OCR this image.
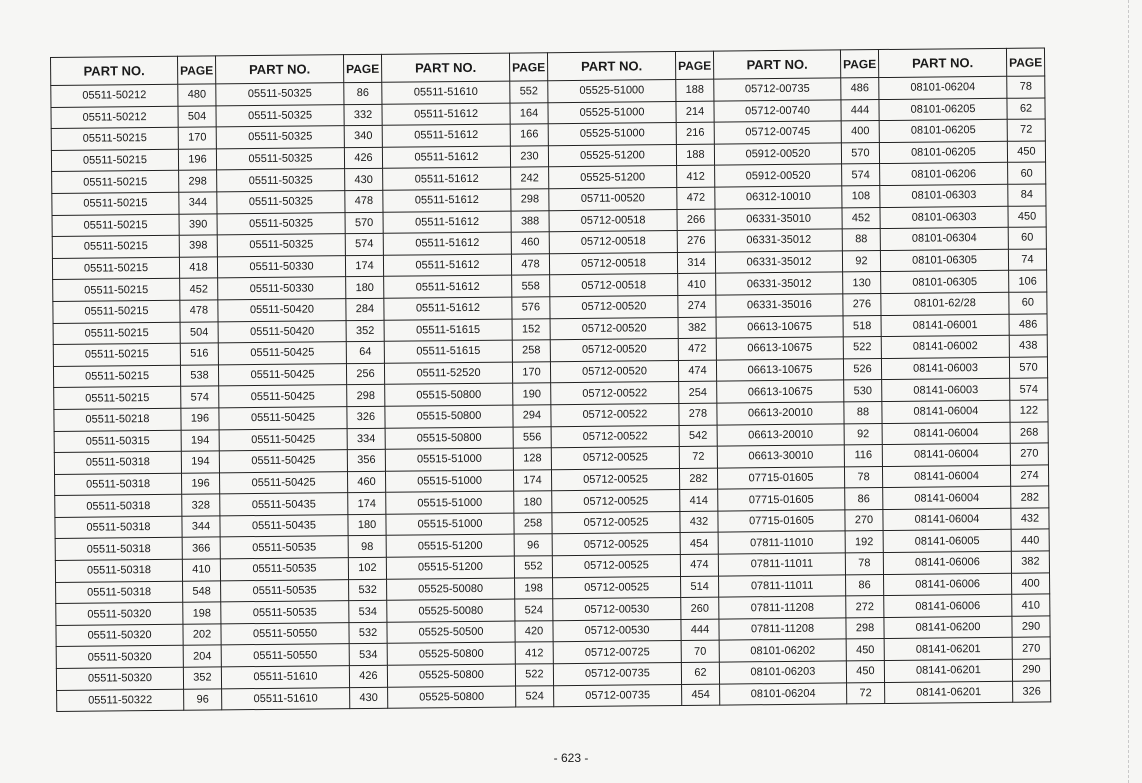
PART NO.	PAGE	PART NO.	PAGE	PART NO.	PAGE	PART NO.	PAGE	PART NO.	PAGE	PART NO.	PAGE
05511-50212	480	05511-50325	86	05511-51610	552	05525-51000	188	05712-00735	486	08101-06204	78
05511-50212	504	05511-50325	332	05511-51612	164	05525-51000	214	05712-00740	444	08101-06205	62
05511-50215	170	05511-50325	340	05511-51612	166	05525-51000	216	05712-00745	400	08101-06205	72
05511-50215	196	05511-50325	426	05511-51612	230	05525-51200	188	05912-00520	570	08101-06205	450
05511-50215	298	05511-50325	430	05511-51612	242	05525-51200	412	05912-00520	574	08101-06206	60
05511-50215	344	05511-50325	478	05511-51612	298	05711-00520	472	06312-10010	108	08101-06303	84
05511-50215	390	05511-50325	570	05511-51612	388	05712-00518	266	06331-35010	452	08101-06303	450
05511-50215	398	05511-50325	574	05511-51612	460	05712-00518	276	06331-35012	88	08101-06304	60
05511-50215	418	05511-50330	174	05511-51612	478	05712-00518	314	06331-35012	92	08101-06305	74
05511-50215	452	05511-50330	180	05511-51612	558	05712-00518	410	06331-35012	130	08101-06305	106
05511-50215	478	05511-50420	284	05511-51612	576	05712-00520	274	06331-35016	276	08101-62/28	60
05511-50215	504	05511-50420	352	05511-51615	152	05712-00520	382	06613-10675	518	08141-06001	486
05511-50215	516	05511-50425	64	05511-51615	258	05712-00520	472	06613-10675	522	08141-06002	438
05511-50215	538	05511-50425	256	05511-52520	170	05712-00520	474	06613-10675	526	08141-06003	570
05511-50215	574	05511-50425	298	05515-50800	190	05712-00522	254	06613-10675	530	08141-06003	574
05511-50218	196	05511-50425	326	05515-50800	294	05712-00522	278	06613-20010	88	08141-06004	122
05511-50315	194	05511-50425	334	05515-50800	556	05712-00522	542	06613-20010	92	08141-06004	268
05511-50318	194	05511-50425	356	05515-51000	128	05712-00525	72	06613-30010	116	08141-06004	270
05511-50318	196	05511-50425	460	05515-51000	174	05712-00525	282	07715-01605	78	08141-06004	274
05511-50318	328	05511-50435	174	05515-51000	180	05712-00525	414	07715-01605	86	08141-06004	282
05511-50318	344	05511-50435	180	05515-51000	258	05712-00525	432	07715-01605	270	08141-06004	432
05511-50318	366	05511-50535	98	05515-51200	96	05712-00525	454	07811-11010	192	08141-06005	440
05511-50318	410	05511-50535	102	05515-51200	552	05712-00525	474	07811-11011	78	08141-06006	382
05511-50318	548	05511-50535	532	05525-50080	198	05712-00525	514	07811-11011	86	08141-06006	400
05511-50320	198	05511-50535	534	05525-50080	524	05712-00530	260	07811-11208	272	08141-06006	410
05511-50320	202	05511-50550	532	05525-50500	420	05712-00530	444	07811-11208	298	08141-06200	290
05511-50320	204	05511-50550	534	05525-50800	412	05712-00725	70	08101-06202	450	08141-06201	270
05511-50320	352	05511-51610	426	05525-50800	522	05712-00735	62	08101-06203	450	08141-06201	290
05511-50322	96	05511-51610	430	05525-50800	524	05712-00735	454	08101-06204	72	08141-06201	326
- 623 -
